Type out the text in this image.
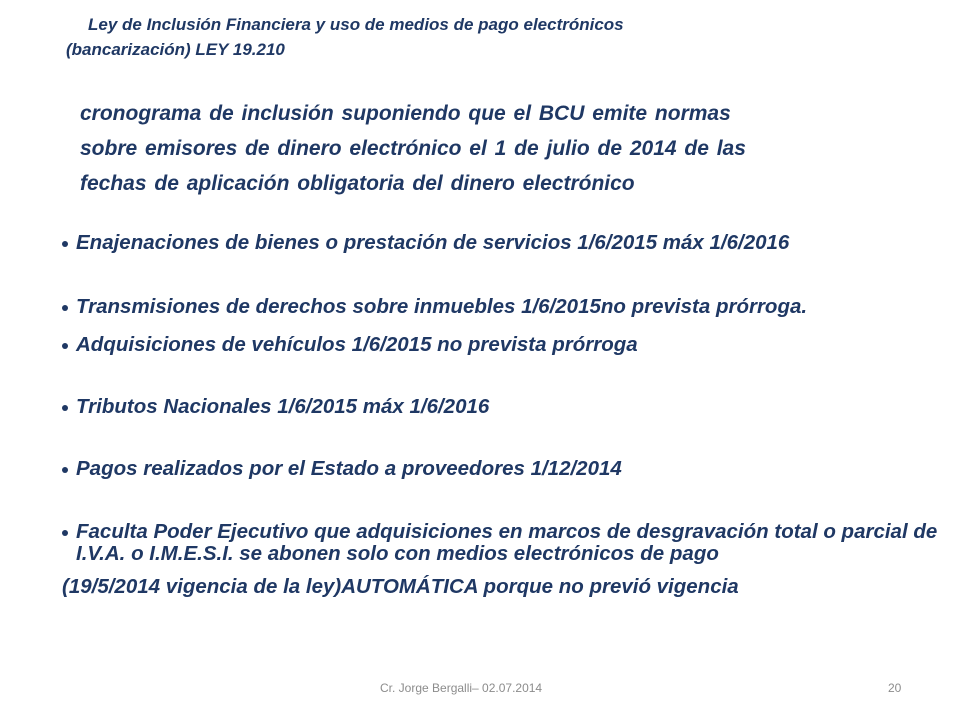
Ley de Inclusión Financiera y uso de medios de pago electrónicos
(bancarización) LEY 19.210
cronograma de inclusión suponiendo que el BCU emite normas
sobre emisores de dinero electrónico el 1 de julio de 2014 de las
fechas de aplicación obligatoria del dinero electrónico
Enajenaciones de bienes o prestación de servicios 1/6/2015 máx 1/6/2016
Transmisiones de derechos sobre inmuebles 1/6/2015no prevista prórroga.
Adquisiciones de vehículos 1/6/2015 no prevista prórroga
Tributos Nacionales 1/6/2015 máx 1/6/2016
Pagos realizados por el Estado a proveedores 1/12/2014
Faculta Poder Ejecutivo que adquisiciones en marcos de desgravación total o parcial de I.V.A. o I.M.E.S.I. se abonen solo con medios electrónicos de pago
(19/5/2014 vigencia de la ley)AUTOMÁTICA porque no previó vigencia
Cr. Jorge Bergalli– 02.07.2014	20
